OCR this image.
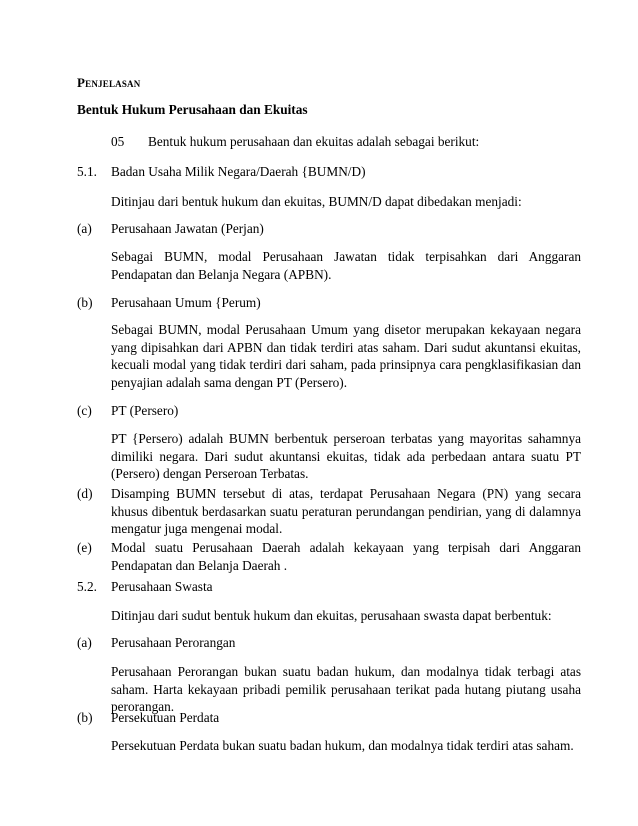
Penjelasan
Bentuk Hukum Perusahaan dan Ekuitas
05 Bentuk hukum perusahaan dan ekuitas adalah sebagai berikut:
5.1. Badan Usaha Milik Negara/Daerah {BUMN/D)
Ditinjau dari bentuk hukum dan ekuitas, BUMN/D dapat dibedakan menjadi:
(a) Perusahaan Jawatan (Perjan)
Sebagai BUMN, modal Perusahaan Jawatan tidak terpisahkan dari Anggaran Pendapatan dan Belanja Negara (APBN).
(b) Perusahaan Umum {Perum)
Sebagai BUMN, modal Perusahaan Umum yang disetor merupakan kekayaan negara yang dipisahkan dari APBN dan tidak terdiri atas saham. Dari sudut akuntansi ekuitas, kecuali modal yang tidak terdiri dari saham, pada prinsipnya cara pengklasifikasian dan penyajian adalah sama dengan PT (Persero).
(c) PT (Persero)
PT {Persero) adalah BUMN berbentuk perseroan terbatas yang mayoritas sahamnya dimiliki negara. Dari sudut akuntansi ekuitas, tidak ada perbedaan antara suatu PT (Persero) dengan Perseroan Terbatas.
(d) Disamping BUMN tersebut di atas, terdapat Perusahaan Negara (PN) yang secara khusus dibentuk berdasarkan suatu peraturan perundangan pendirian, yang di dalamnya mengatur juga mengenai modal.
(e) Modal suatu Perusahaan Daerah adalah kekayaan yang terpisah dari Anggaran Pendapatan dan Belanja Daerah .
5.2. Perusahaan Swasta
Ditinjau dari sudut bentuk hukum dan ekuitas, perusahaan swasta dapat berbentuk:
(a) Perusahaan Perorangan
Perusahaan Perorangan bukan suatu badan hukum, dan modalnya tidak terbagi atas saham. Harta kekayaan pribadi pemilik perusahaan terikat pada hutang piutang usaha perorangan.
(b) Persekutuan Perdata
Persekutuan Perdata bukan suatu badan hukum, dan modalnya tidak terdiri atas saham.
